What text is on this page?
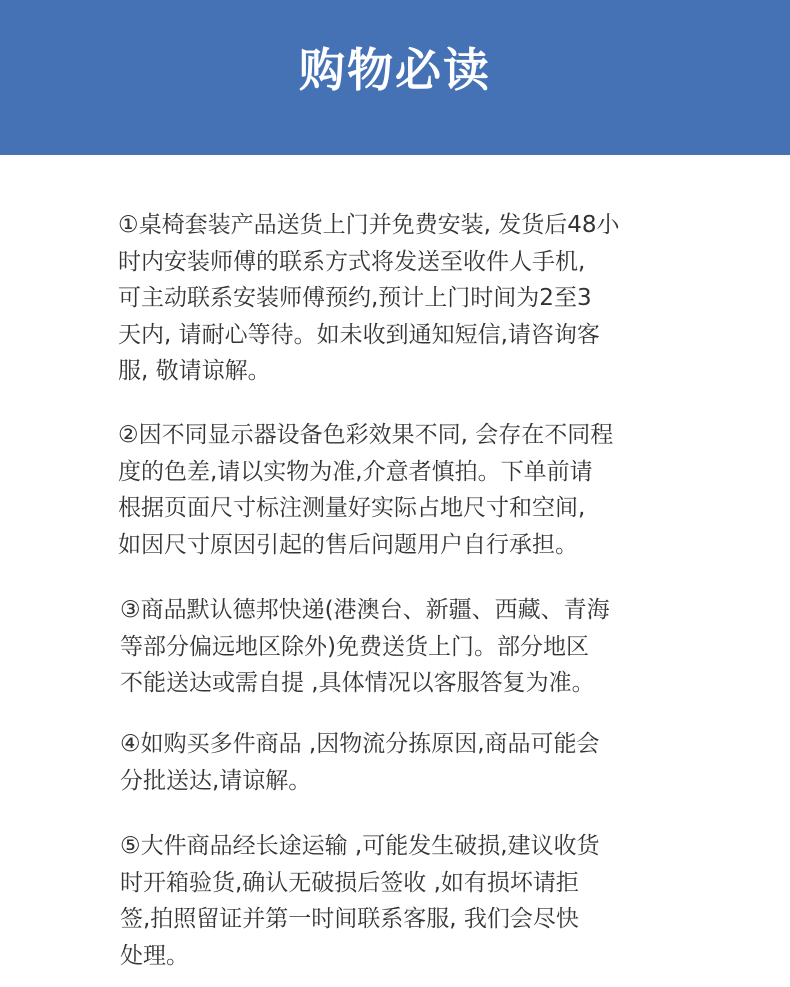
购物必读
①桌椅套装产品送货上门并免费安装, 发货后48小
时内安装师傅的联系方式将发送至收件人手机,
可主动联系安装师傅预约,预计上门时间为2至3
天内, 请耐心等待。如未收到通知短信,请咨询客
服, 敬请谅解。
②因不同显示器设备色彩效果不同, 会存在不同程
度的色差,请以实物为准,介意者慎拍。下单前请
根据页面尺寸标注测量好实际占地尺寸和空间,
如因尺寸原因引起的售后问题用户自行承担。
③商品默认德邦快递(港澳台、新疆、西藏、青海
等部分偏远地区除外)免费送货上门。部分地区
不能送达或需自提 ,具体情况以客服答复为准。
④如购买多件商品 ,因物流分拣原因,商品可能会
分批送达,请谅解。
⑤大件商品经长途运输 ,可能发生破损,建议收货
时开箱验货,确认无破损后签收 ,如有损坏请拒
签,拍照留证并第一时间联系客服, 我们会尽快
处理。
